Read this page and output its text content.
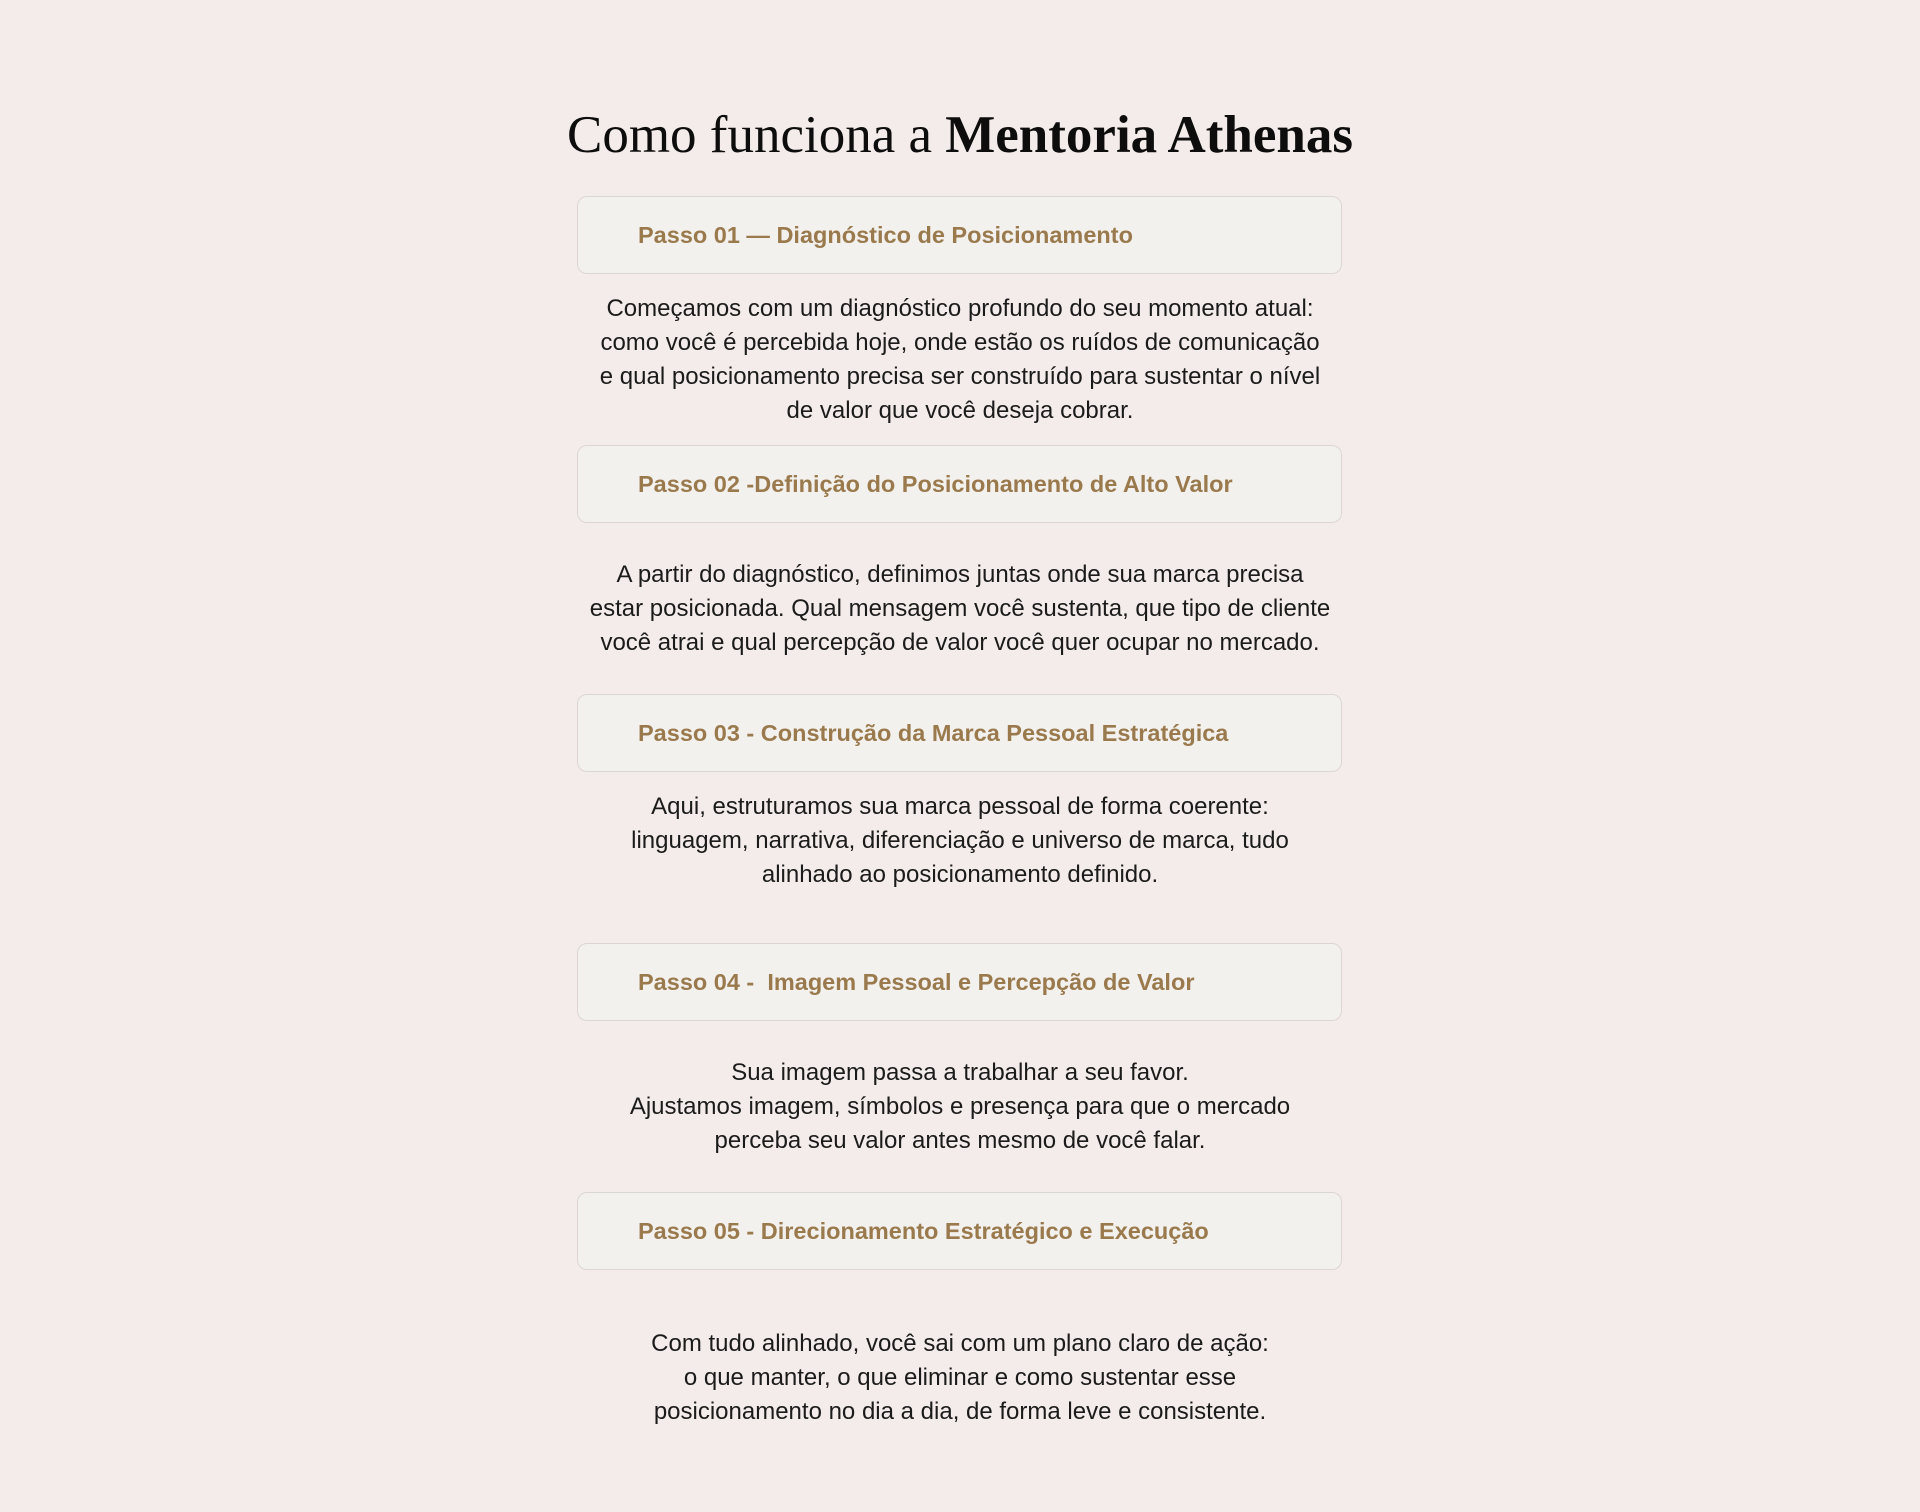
Como funciona a Mentoria Athenas
Passo 01 — Diagnóstico de Posicionamento

Começamos com um diagnóstico profundo do seu momento atual:
como você é percebida hoje, onde estão os ruídos de comunicação
e qual posicionamento precisa ser construído para sustentar o nível
de valor que você deseja cobrar.

Passo 02 -Definição do Posicionamento de Alto Valor

A partir do diagnóstico, definimos juntas onde sua marca precisa
estar posicionada. Qual mensagem você sustenta, que tipo de cliente
você atrai e qual percepção de valor você quer ocupar no mercado.

Passo 03 - Construção da Marca Pessoal Estratégica

Aqui, estruturamos sua marca pessoal de forma coerente:
linguagem, narrativa, diferenciação e universo de marca, tudo
alinhado ao posicionamento definido.

Passo 04 -  Imagem Pessoal e Percepção de Valor

Sua imagem passa a trabalhar a seu favor.
Ajustamos imagem, símbolos e presença para que o mercado
perceba seu valor antes mesmo de você falar.

Passo 05 - Direcionamento Estratégico e Execução

Com tudo alinhado, você sai com um plano claro de ação:
o que manter, o que eliminar e como sustentar esse
posicionamento no dia a dia, de forma leve e consistente.
